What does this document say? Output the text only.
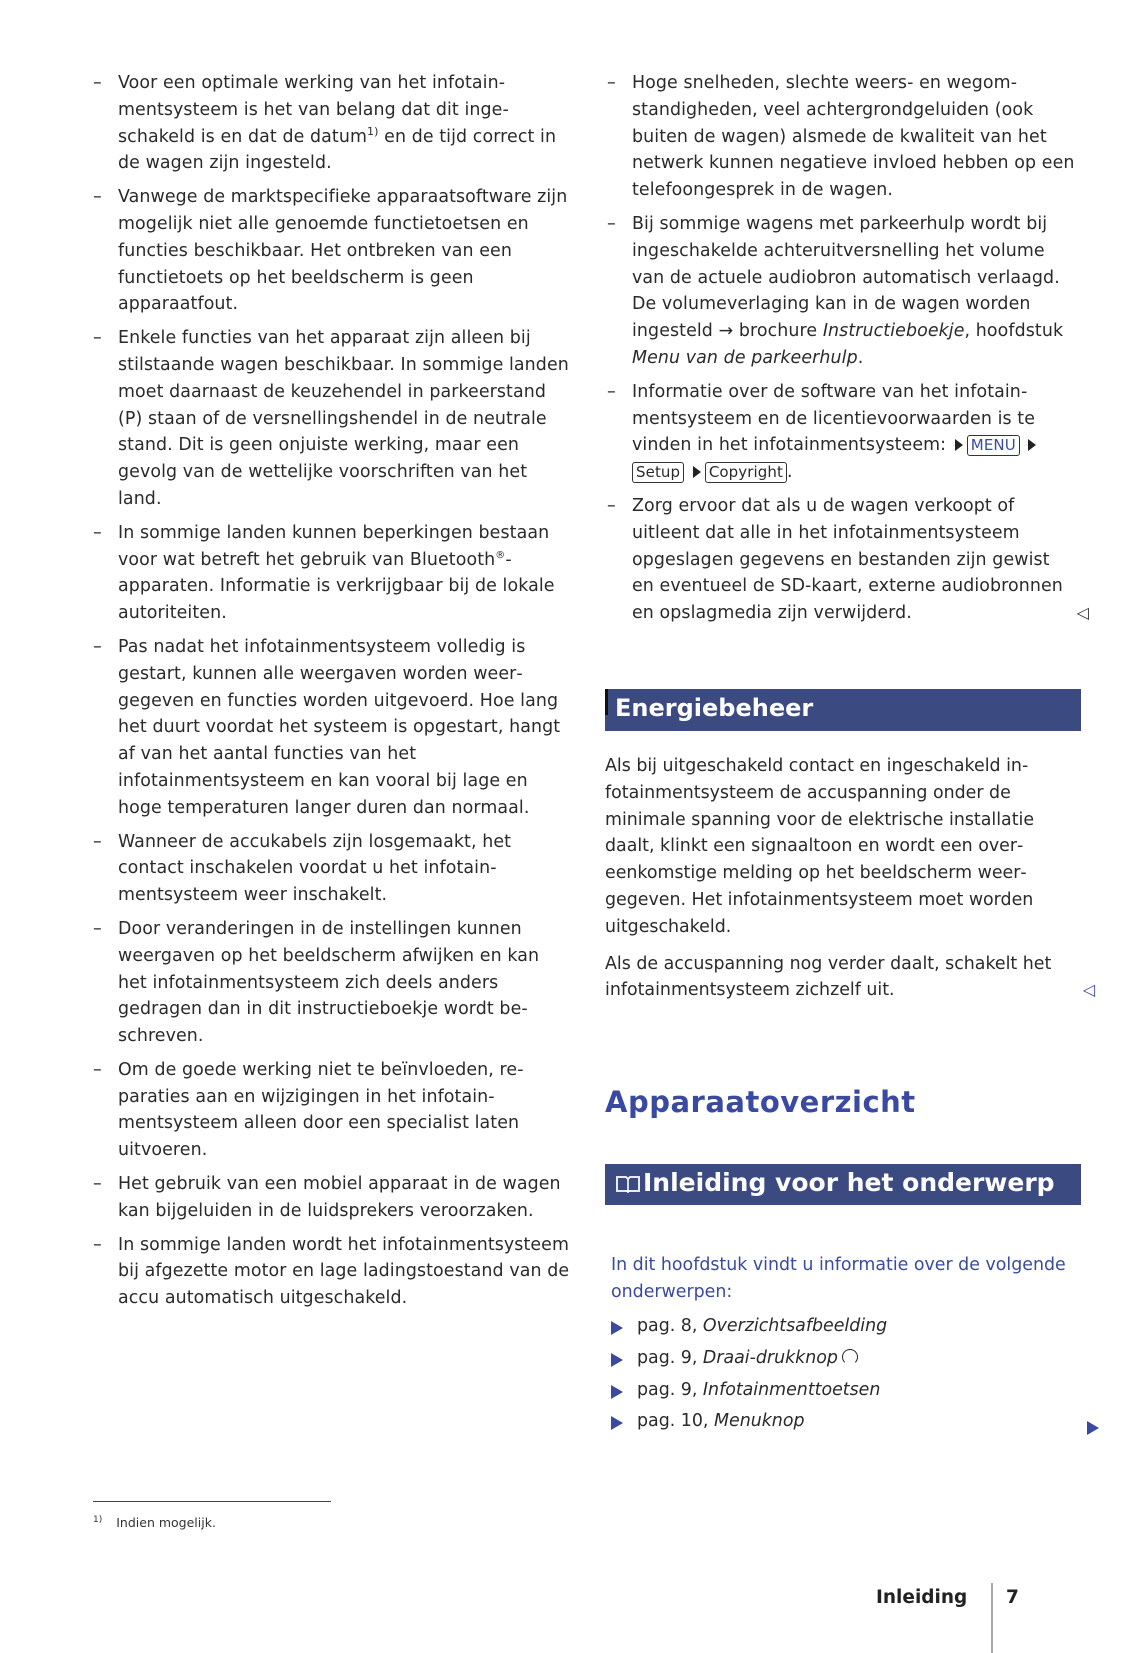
– Voor een optimale werking van het infotainmentsysteem is het van belang dat dit ingeschakeld is en dat de datum$^{1)}$ en de tijd correct in de wagen zijn ingesteld.
– Vanwege de marktspecifieke apparaatsoftware zijn mogelijk niet alle genoemde functietoetsen en functies beschikbaar. Het ontbreken van een functietoets op het beeldscherm is geen apparaatfout.
– Enkele functies van het apparaat zijn alleen bij stilstaande wagen beschikbaar. In sommige landen moet daarnaast de keuzehendel in parkeerstand (P) staan of de versnellingshendel in de neutrale stand. Dit is geen onjuiste werking, maar een gevolg van de wettelijke voorschriften van het land.
– In sommige landen kunnen beperkingen bestaan voor wat betreft het gebruik van Bluetooth®-apparaten. Informatie is verkrijgbaar bij de lokale autoriteiten.
– Pas nadat het infotainmentsysteem volledig is gestart, kunnen alle weergaven worden weergegeven en functies worden uitgevoerd. Hoe lang het duurt voordat het systeem is opgestart, hangt af van het aantal functies van het infotainmentsysteem en kan vooral bij lage en hoge temperaturen langer duren dan normaal.
– Wanneer de accukabels zijn losgemaakt, het contact inschakelen voordat u het infotainmentsysteem weer inschakelt.
– Door veranderingen in de instellingen kunnen weergaven op het beeldscherm afwijken en kan het infotainmentsysteem zich deels anders gedragen dan in dit instructieboekje wordt beschreven.
– Om de goede werking niet te beïnvloeden, reparaties aan en wijzigingen in het infotainmentsysteem alleen door een specialist laten uitvoeren.
– Het gebruik van een mobiel apparaat in de wagen kan bijgeluiden in de luidsprekers veroorzaken.
– In sommige landen wordt het infotainmentsysteem bij afgezette motor en lage ladingstoestand van de accu automatisch uitgeschakeld.
– Hoge snelheden, slechte weers- en wegomstandigheden, veel achtergrondgeluiden (ook buiten de wagen) alsmede de kwaliteit van het netwerk kunnen negatieve invloed hebben op een telefoongesprek in de wagen.
– Bij sommige wagens met parkeerhulp wordt bij ingeschakelde achteruitversnelling het volume van de actuele audiobron automatisch verlaagd. De volumeverlaging kan in de wagen worden ingesteld → brochure Instructieboekje, hoofdstuk Menu van de parkeerhulp.
– Informatie over de software van het infotainmentsysteem en de licentievoorwaarden is te vinden in het infotainmentsysteem: MENU Setup Copyright .
– Zorg ervoor dat als u de wagen verkoopt of uitleent dat alle in het infotainmentsysteem opgeslagen gegevens en bestanden zijn gewist en eventueel de SD-kaart, externe audiobronnen en opslagmedia zijn verwijderd.	◁
Energiebeheer

Als bij uitgeschakeld contact en ingeschakeld infotainmentsysteem de accuspanning onder de minimale spanning voor de elektrische installatie daalt, klinkt een signaaltoon en wordt een overeenkomstige melding op het beeldscherm weergegeven. Het infotainmentsysteem moet worden uitgeschakeld.

Als de accuspanning nog verder daalt, schakelt het infotainmentsysteem zichzelf uit.	◁

Apparaatoverzicht
Inleiding voor het onderwerp
In dit hoofdstuk vindt u informatie over de volgende onderwerpen:
pag. 8, Overzichtsafbeelding
pag. 9, Draai-drukknop
pag. 9, Infotainmenttoetsen
pag. 10, Menuknop
$^{1)}$ Indien mogelijk.
Inleiding 7
